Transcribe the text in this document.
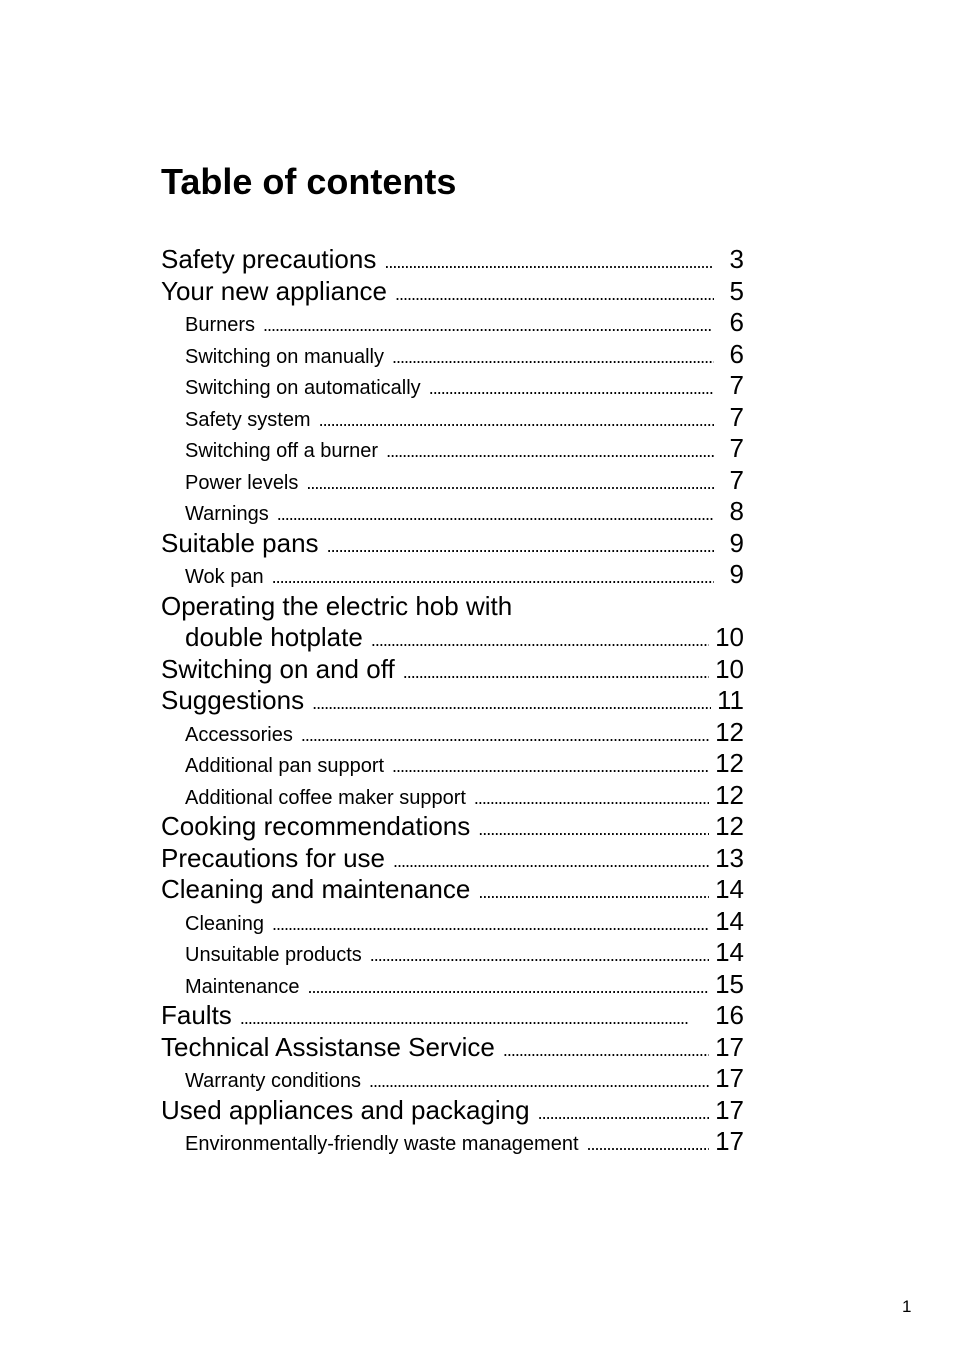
Table of contents
Safety precautions . . .	3
Your new appliance . . .	5
Burners . . .	6
Switching on manually . . .	6
Switching on automatically . . .	7
Safety system . . .	7
Switching off a burner . . .	7
Power levels . . .	7
Warnings . . .	8
Suitable pans . . .	9
Wok pan . . .	9
Operating the electric hob with
double hotplate . . .	10
Switching on and off . . .	10
Suggestions . . .	11
Accessories . . .	12
Additional pan support . . .	12
Additional coffee maker support . . .	12
Cooking recommendations . . .	12
Precautions for use . . .	13
Cleaning and maintenance . . .	14
Cleaning . . .	14
Unsuitable products . . .	14
Maintenance . . .	15
Faults . . .	16
Technical Assistanse Service . . .	17
Warranty conditions . . .	17
Used appliances and packaging . . .	17
Environmentally-friendly waste management . . .	17
1
